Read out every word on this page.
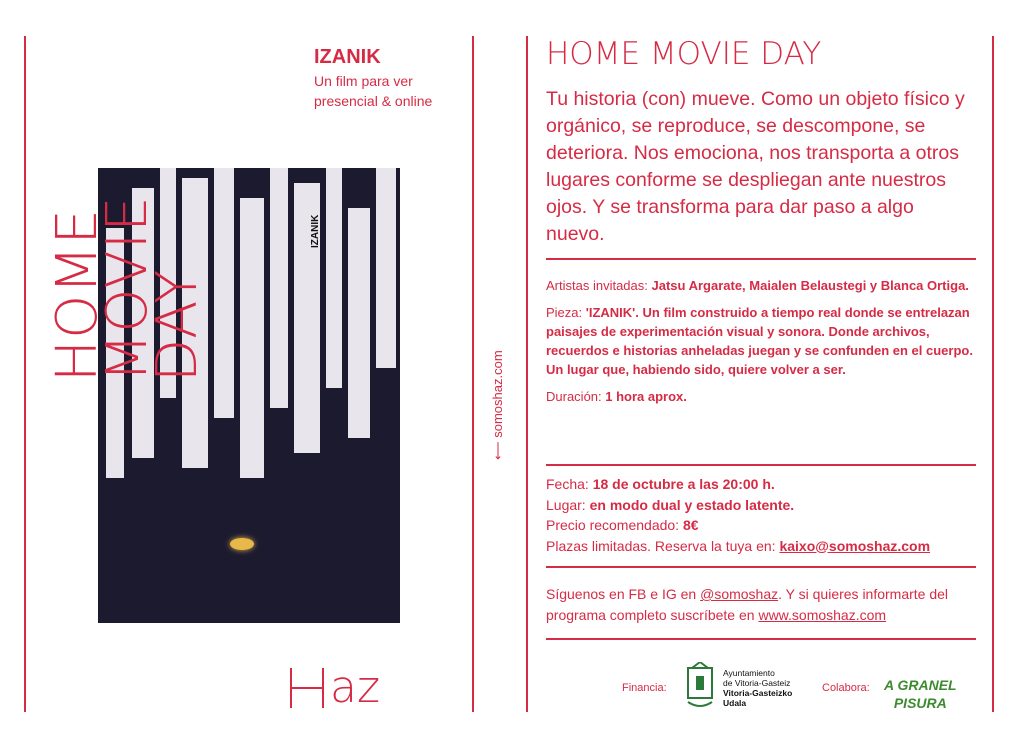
HOME
MOVIE
DAY
IZANIK
Un film para ver
presencial & online
IZANIK
az
⟵ somoshaz.com
HOME MOVIE DAY
Tu historia (con) mueve. Como un objeto físico y orgánico, se reproduce, se descompone, se deteriora. Nos emociona, nos transporta a otros lugares conforme se despliegan ante nuestros ojos. Y se transforma para dar paso a algo nuevo.

Artistas invitadas: Jatsu Argarate, Maialen Belaustegi y Blanca Ortiga.

Pieza: 'IZANIK'. Un film construido a tiempo real donde se entrelazan paisajes de experimentación visual y sonora. Donde archivos, recuerdos e historias anheladas juegan y se confunden en el cuerpo. Un lugar que, habiendo sido, quiere volver a ser.

Duración: 1 hora aprox.

Fecha: 18 de octubre a las 20:00 h.

Lugar: en modo dual y estado latente.

Precio recomendado: 8€

Plazas limitadas. Reserva la tuya en: kaixo@somoshaz.com

Síguenos en FB e IG en @somoshaz. Y si quieres informarte del programa completo suscríbete en www.somoshaz.com
Financia:
Ayuntamiento
de Vitoria-Gasteiz
Vitoria-Gasteizko
Udala
Colabora: A GRANEL
PISURA
